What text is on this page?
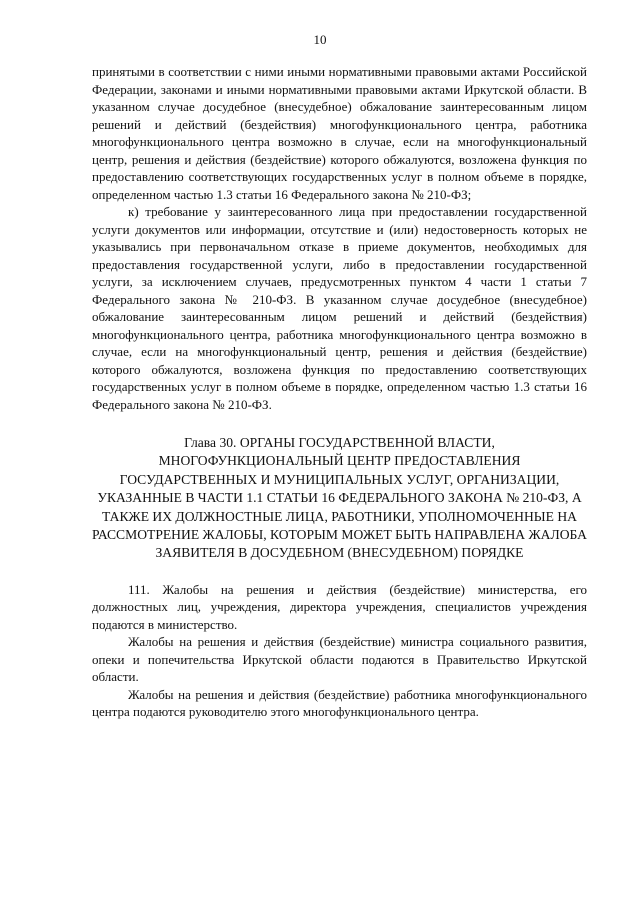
10

принятыми в соответствии с ними иными нормативными правовыми актами Российской Федерации, законами и иными нормативными правовыми актами Иркутской области. В указанном случае досудебное (внесудебное) обжалование заинтересованным лицом решений и действий (бездействия) многофункционального центра, работника многофункционального центра возможно в случае, если на многофункциональный центр, решения и действия (бездействие) которого обжалуются, возложена функция по предоставлению соответствующих государственных услуг в полном объеме в порядке, определенном частью 1.3 статьи 16 Федерального закона № 210-ФЗ;

к) требование у заинтересованного лица при предоставлении государственной услуги документов или информации, отсутствие и (или) недостоверность которых не указывались при первоначальном отказе в приеме документов, необходимых для предоставления государственной услуги, либо в предоставлении государственной услуги, за исключением случаев, предусмотренных пунктом 4 части 1 статьи 7 Федерального закона № 210-ФЗ. В указанном случае досудебное (внесудебное) обжалование заинтересованным лицом решений и действий (бездействия) многофункционального центра, работника многофункционального центра возможно в случае, если на многофункциональный центр, решения и действия (бездействие) которого обжалуются, возложена функция по предоставлению соответствующих государственных услуг в полном объеме в порядке, определенном частью 1.3 статьи 16 Федерального закона № 210-ФЗ.

Глава 30. ОРГАНЫ ГОСУДАРСТВЕННОЙ ВЛАСТИ, МНОГОФУНКЦИОНАЛЬНЫЙ ЦЕНТР ПРЕДОСТАВЛЕНИЯ ГОСУДАРСТВЕННЫХ И МУНИЦИПАЛЬНЫХ УСЛУГ, ОРГАНИЗАЦИИ, УКАЗАННЫЕ В ЧАСТИ 1.1 СТАТЬИ 16 ФЕДЕРАЛЬНОГО ЗАКОНА № 210-ФЗ, А ТАКЖЕ ИХ ДОЛЖНОСТНЫЕ ЛИЦА, РАБОТНИКИ, УПОЛНОМОЧЕННЫЕ НА РАССМОТРЕНИЕ ЖАЛОБЫ, КОТОРЫМ МОЖЕТ БЫТЬ НАПРАВЛЕНА ЖАЛОБА ЗАЯВИТЕЛЯ В ДОСУДЕБНОМ (ВНЕСУДЕБНОМ) ПОРЯДКЕ

111. Жалобы на решения и действия (бездействие) министерства, его должностных лиц, учреждения, директора учреждения, специалистов учреждения подаются в министерство.

Жалобы на решения и действия (бездействие) министра социального развития, опеки и попечительства Иркутской области подаются в Правительство Иркутской области.

Жалобы на решения и действия (бездействие) работника многофункционального центра подаются руководителю этого многофункционального центра.
